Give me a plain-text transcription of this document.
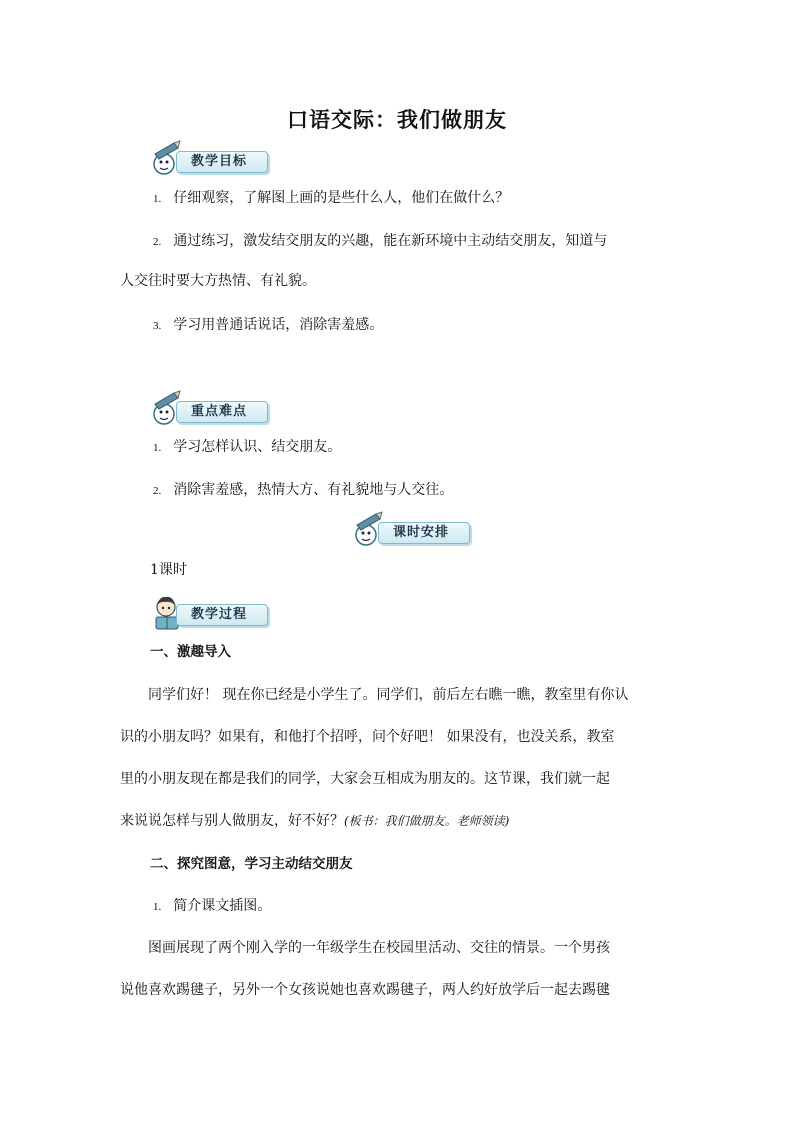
口语交际：我们做朋友
教学目标
1. 仔细观察，了解图上画的是些什么人，他们在做什么？
2. 通过练习，激发结交朋友的兴趣，能在新环境中主动结交朋友，知道与
人交往时要大方热情、有礼貌。
3. 学习用普通话说话，消除害羞感。
重点难点
1. 学习怎样认识、结交朋友。
2. 消除害羞感，热情大方、有礼貌地与人交往。
课时安排
1课时
教学过程
一、激趣导入
同学们好！ 现在你已经是小学生了。同学们，前后左右瞧一瞧，教室里有你认
识的小朋友吗？如果有，和他打个招呼，问个好吧！ 如果没有，也没关系，教室
里的小朋友现在都是我们的同学，大家会互相成为朋友的。这节课，我们就一起
来说说怎样与别人做朋友，好不好？(板书：我们做朋友。老师领读)
二、探究图意，学习主动结交朋友
1. 简介课文插图。
图画展现了两个刚入学的一年级学生在校园里活动、交往的情景。一个男孩
说他喜欢踢毽子，另外一个女孩说她也喜欢踢毽子，两人约好放学后一起去踢毽
